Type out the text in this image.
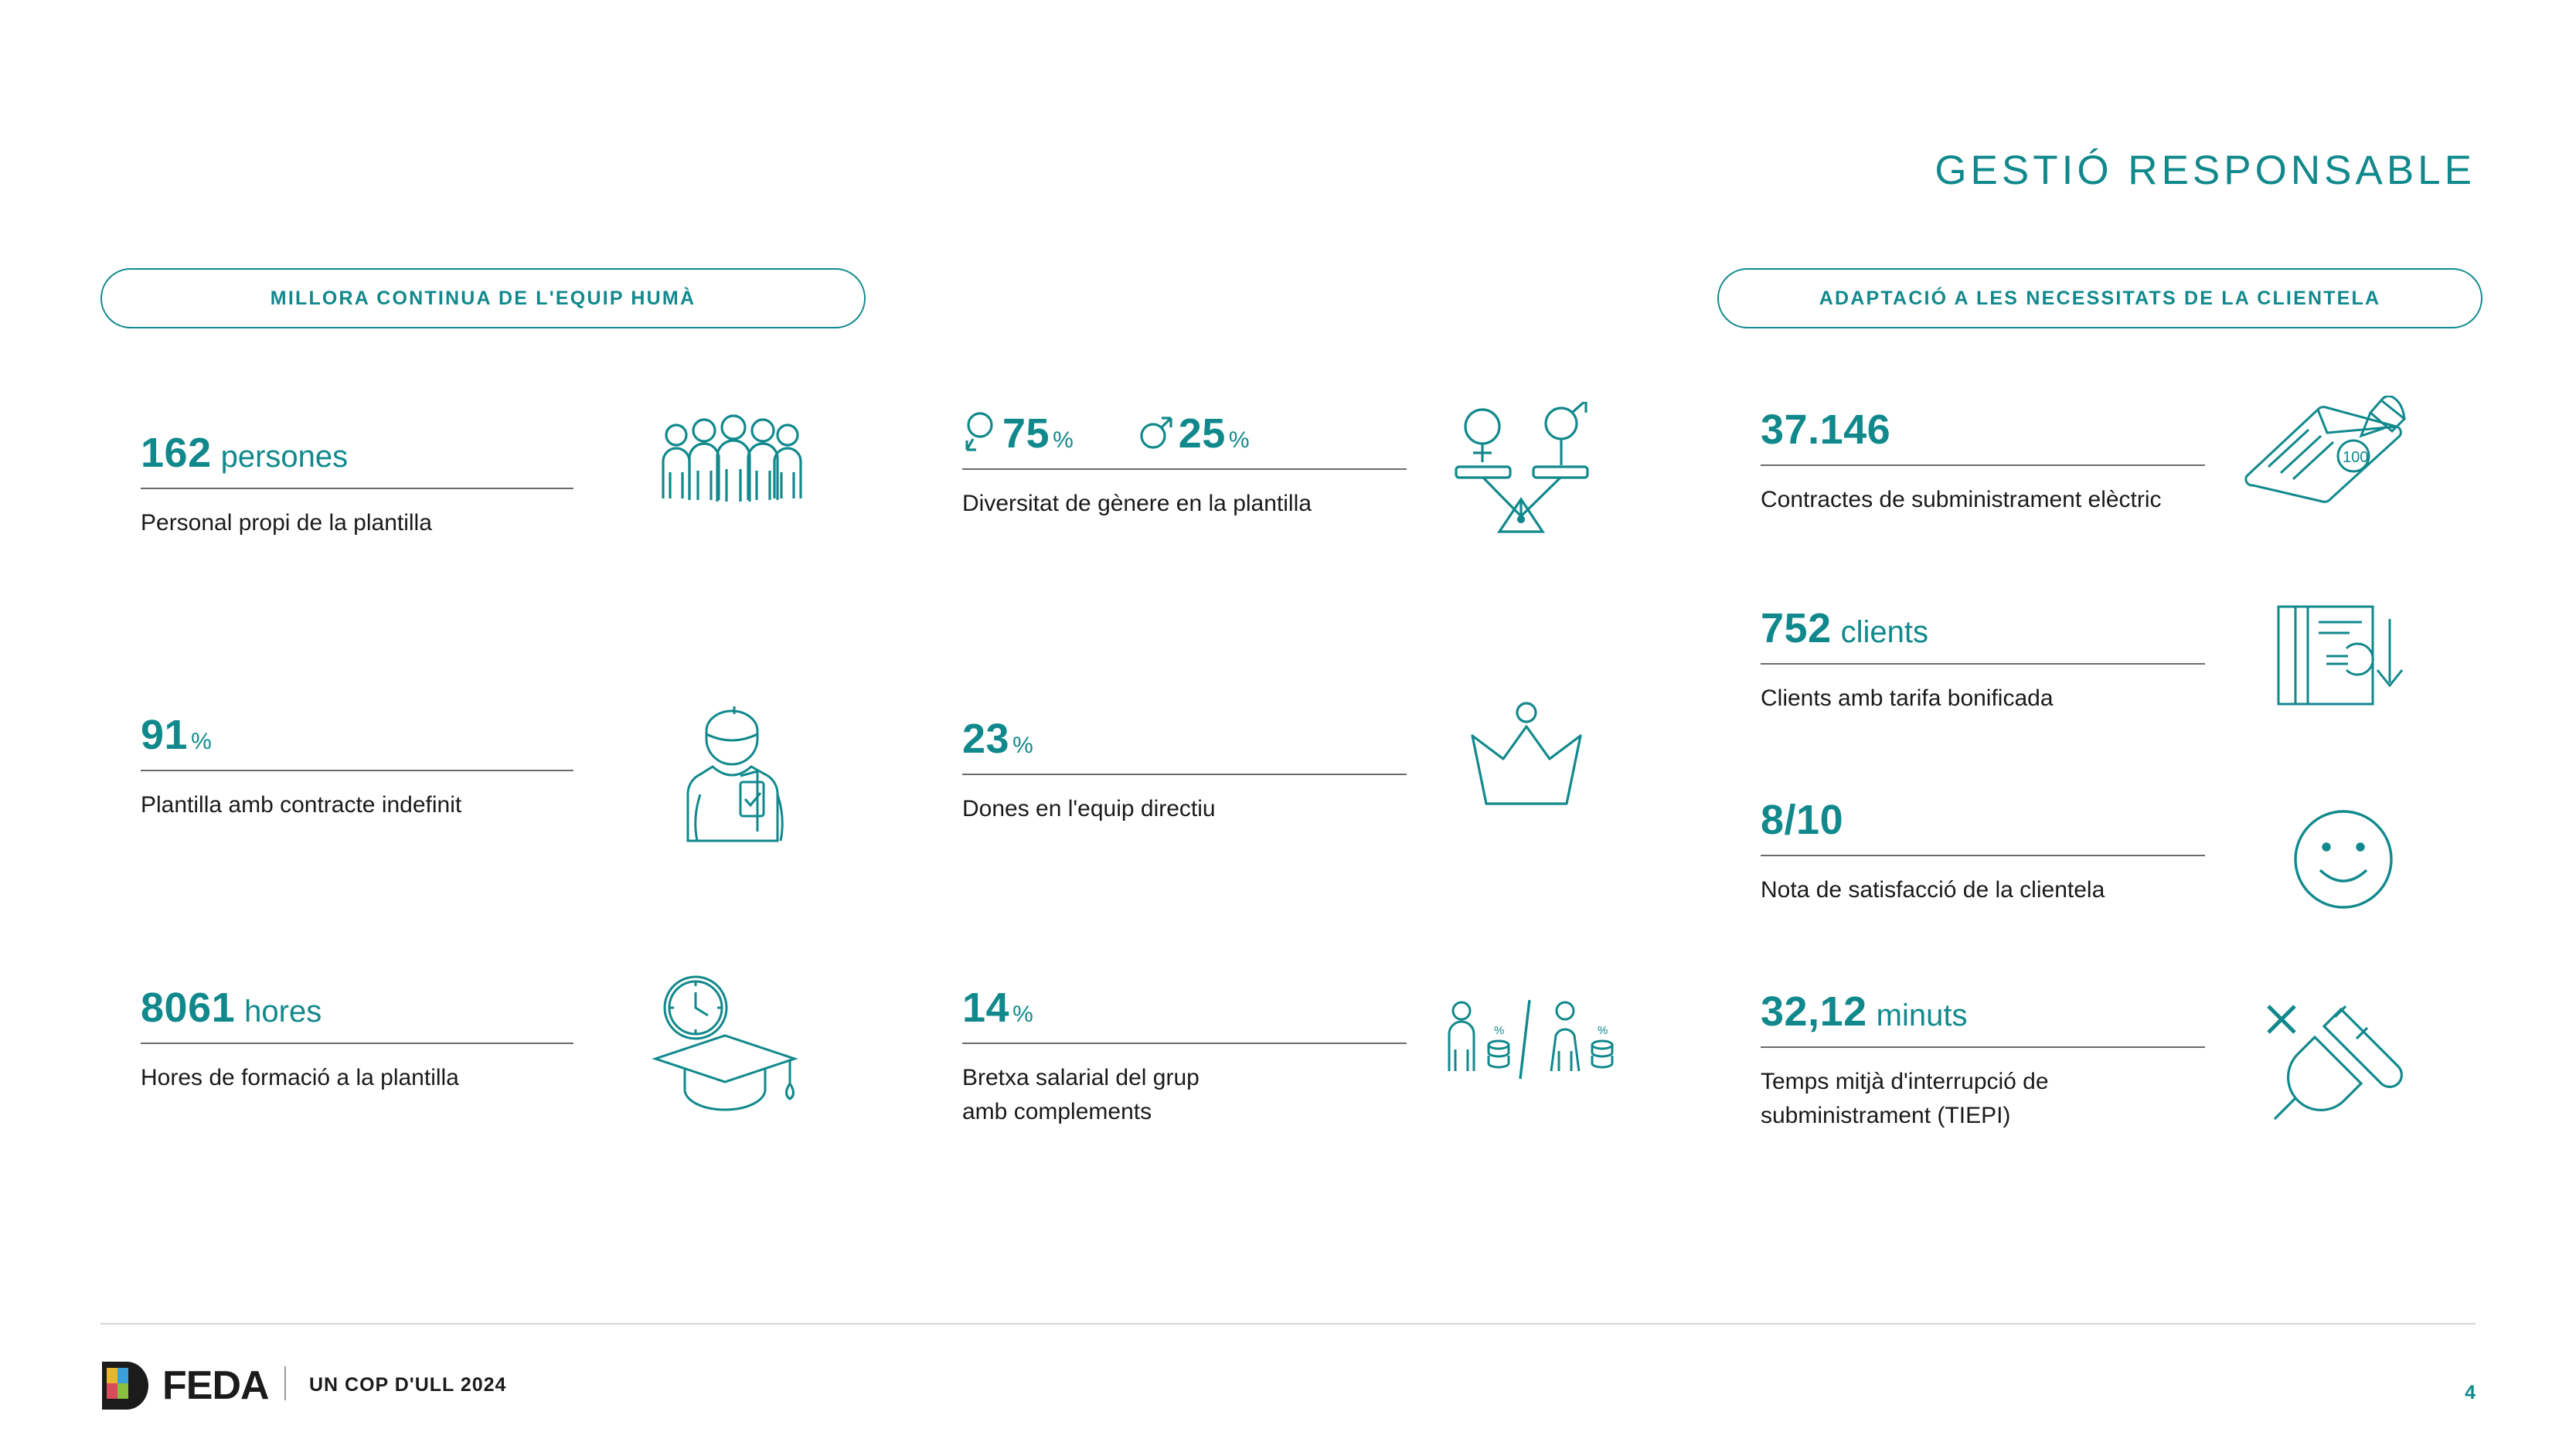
GESTIÓ RESPONSABLE
MILLORA CONTINUA DE L'EQUIP HUMÀ	ADAPTACIÓ A LES NECESSITATS DE LA CLIENTELA
162 persones
Personal propi de la plantilla
91 %
Plantilla amb contracte indefinit
8061 hores
Hores de formació a la plantilla
75 %	25 %
Diversitat de gènere en la plantilla
23 %
Dones en l'equip directiu
14 %
Bretxa salarial del grup
amb complements
%	%
37.146
Contractes de subministrament elèctric
100
752 clients
Clients amb tarifa bonificada
8/10
Nota de satisfacció de la clientela
32,12 minuts
Temps mitjà d'interrupció de
subministrament (TIEPI)
FEDA UN COP D'ULL 2024	4
